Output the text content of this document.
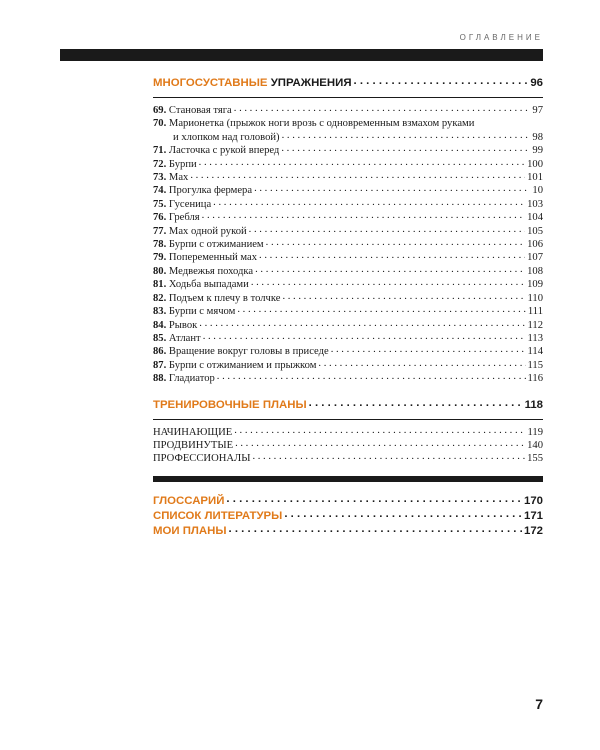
ОГЛАВЛЕНИЕ
МНОГОСУСТАВНЫЕ
УПРАЖНЕНИЯ . . .	96
69. Становая тяга . . .	97
70. Марионетка (прыжок ноги врозь с одновременным взмахом руками
и хлопком над головой) . . .	98
71. Ласточка с рукой вперед . . .	99
72. Бурпи . . .	100
73. Мах . . .	101
74. Прогулка фермера . . .	10
75. Гусеница . . .	103
76. Гребля . . .	104
77. Мах одной рукой . . .	105
78. Бурпи с отжиманием . . .	106
79. Попеременный мах . . .	107
80. Медвежья походка . . .	108
81. Ходьба выпадами . . .	109
82. Подъем к плечу в толчке . . .	110
83. Бурпи с мячом . . .	111
84. Рывок . . .	112
85. Атлант . . .	113
86. Вращение вокруг головы в приседе . . .	114
87. Бурпи с отжиманием и прыжком . . .	115
88. Гладиатор . . .	116
ТРЕНИРОВОЧНЫЕ ПЛАНЫ . . .	118
НАЧИНАЮЩИЕ . . .	119
ПРОДВИНУТЫЕ . . .	140
ПРОФЕССИОНАЛЫ . . .	155
ГЛОССАРИЙ . . .	170
СПИСОК ЛИТЕРАТУРЫ . . .	171
МОИ ПЛАНЫ . . .	172
7
